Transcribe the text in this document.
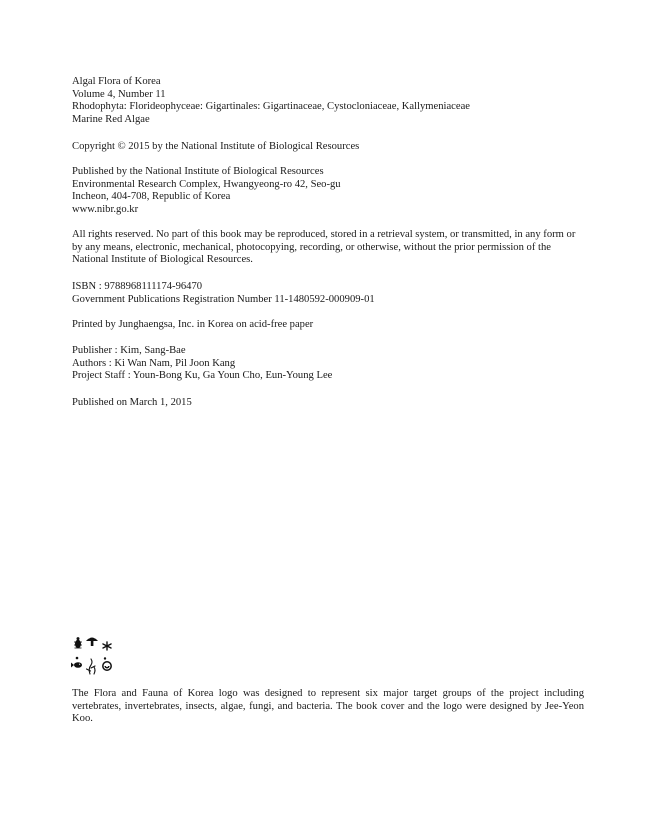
Algal Flora of Korea
Volume 4, Number 11
Rhodophyta: Florideophyceae: Gigartinales: Gigartinaceae, Cystocloniaceae, Kallymeniaceae
Marine Red Algae
Copyright © 2015 by the National Institute of Biological Resources
Published by the National Institute of Biological Resources
Environmental Research Complex, Hwangyeong-ro 42, Seo-gu
Incheon, 404-708, Republic of Korea
www.nibr.go.kr
All rights reserved. No part of this book may be reproduced, stored in a retrieval system, or transmitted, in any form or by any means, electronic, mechanical, photocopying, recording, or otherwise, without the prior permission of the National Institute of Biological Resources.
ISBN : 9788968111174-96470
Government Publications Registration Number 11-1480592-000909-01
Printed by Junghaengsa, Inc. in Korea on acid-free paper
Publisher : Kim, Sang-Bae
Authors : Ki Wan Nam, Pil Joon Kang
Project Staff : Youn-Bong Ku, Ga Youn Cho, Eun-Young Lee
Published on March 1, 2015
The Flora and Fauna of Korea logo was designed to represent six major target groups of the project including vertebrates, invertebrates, insects, algae, fungi, and bacteria. The book cover and the logo were designed by Jee-Yeon Koo.
